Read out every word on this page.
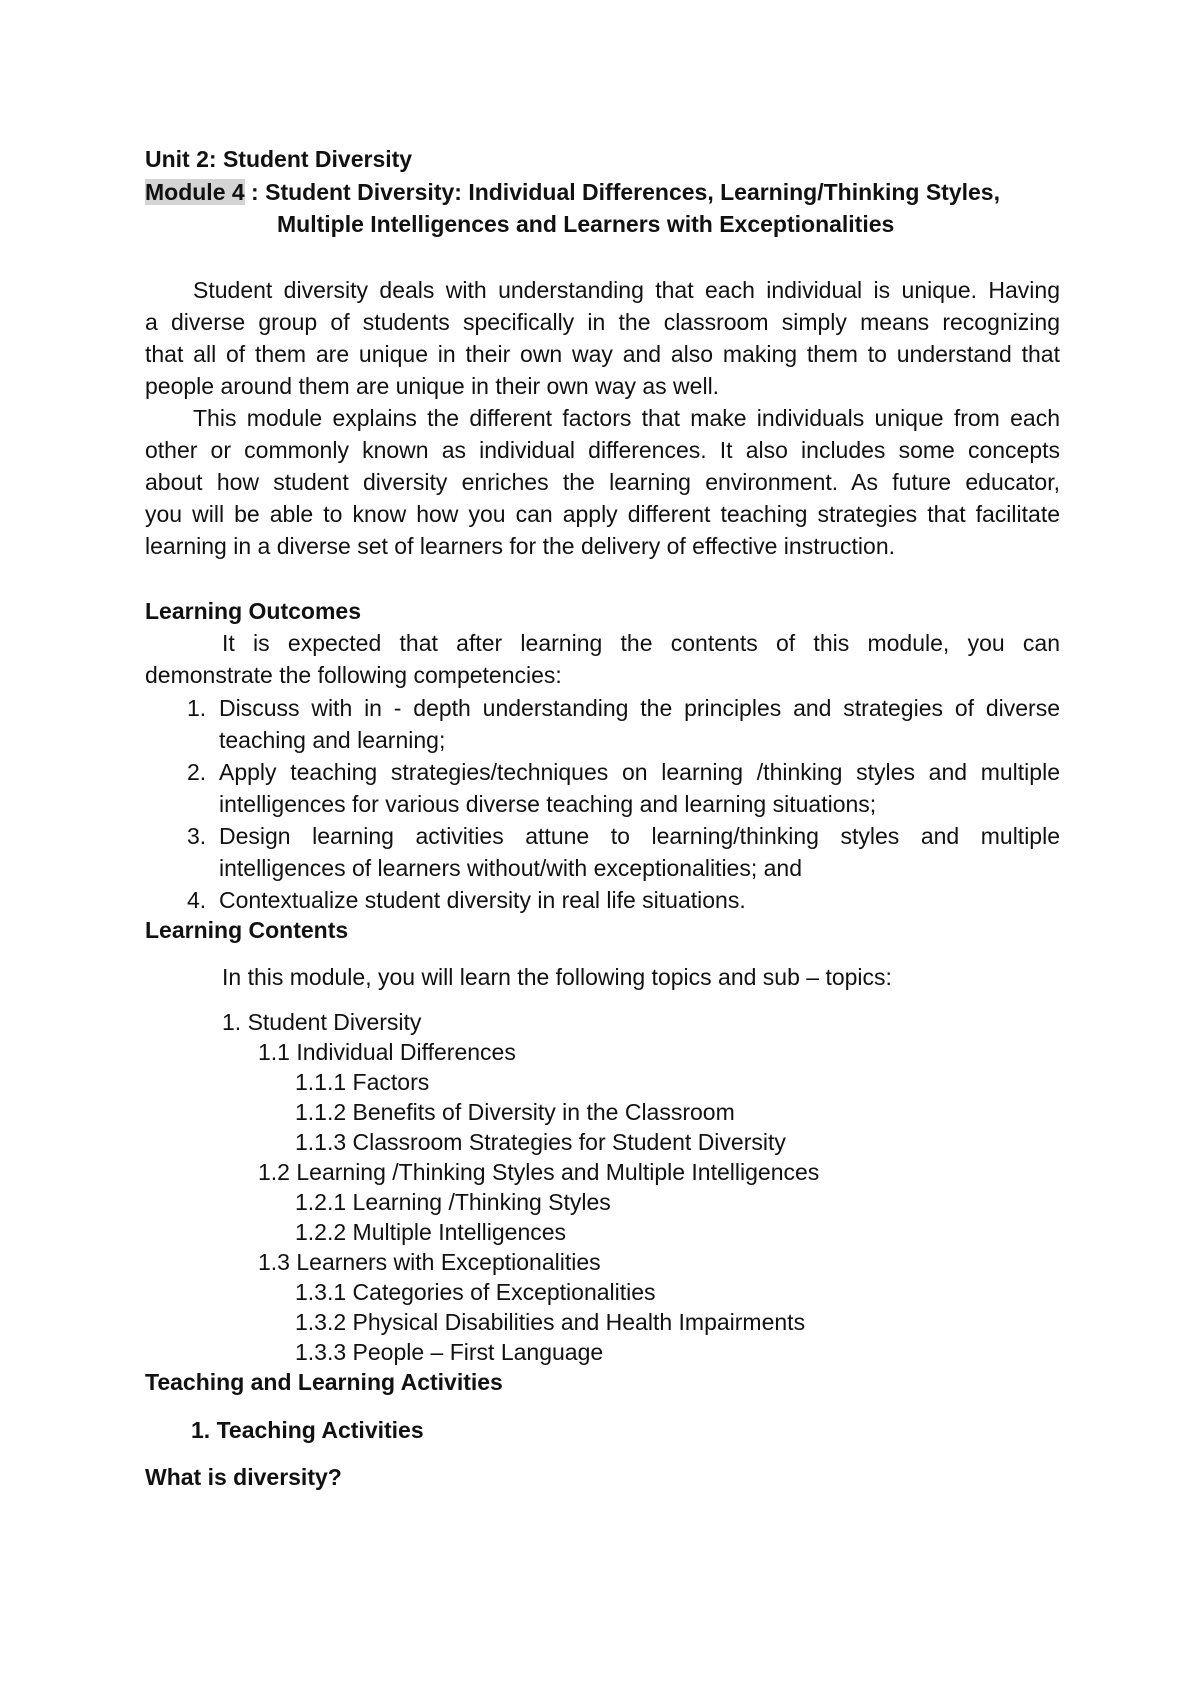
Unit 2: Student Diversity
Module 4 : Student Diversity: Individual Differences, Learning/Thinking Styles,
Multiple Intelligences and Learners with Exceptionalities
Student diversity deals with understanding that each individual is unique. Having
a diverse group of students specifically in the classroom simply means recognizing
that all of them are unique in their own way and also making them to understand that
people around them are unique in their own way as well.
This module explains the different factors that make individuals unique from each
other or commonly known as individual differences. It also includes some concepts
about how student diversity enriches the learning environment. As future educator,
you will be able to know how you can apply different teaching strategies that facilitate
learning in a diverse set of learners for the delivery of effective instruction.
Learning Outcomes
It is expected that after learning the contents of this module, you can
demonstrate the following competencies:
1. Discuss with in - depth understanding the principles and strategies of diverse
teaching and learning;
2. Apply teaching strategies/techniques on learning /thinking styles and multiple
intelligences for various diverse teaching and learning situations;
3. Design learning activities attune to learning/thinking styles and multiple
intelligences of learners without/with exceptionalities; and
4. Contextualize student diversity in real life situations.
Learning Contents
In this module, you will learn the following topics and sub – topics:
1. Student Diversity
1.1 Individual Differences
1.1.1 Factors
1.1.2 Benefits of Diversity in the Classroom
1.1.3 Classroom Strategies for Student Diversity
1.2 Learning /Thinking Styles and Multiple Intelligences
1.2.1 Learning /Thinking Styles
1.2.2 Multiple Intelligences
1.3 Learners with Exceptionalities
1.3.1 Categories of Exceptionalities
1.3.2 Physical Disabilities and Health Impairments
1.3.3 People – First Language
Teaching and Learning Activities
1. Teaching Activities
What is diversity?
